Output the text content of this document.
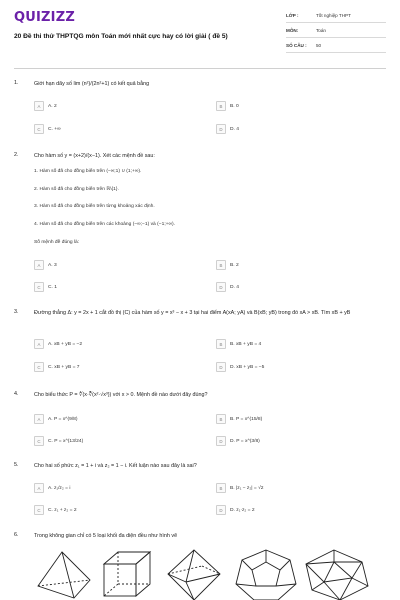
QUIZIZZ
20 Đề thi thử THPTQG môn Toán mới nhất cực hay có lời giải ( đề 5)
LỚP :	Tốt nghiệp THPT
MÔN:	Toán
SỐ CÂU :	50
1.	Giới hạn dãy số lim (n²)/(2n²+1) có kết quả bằng
A	A. 2	B	B. 0
C	C. +∞	D	D. 4
2.	Cho hàm số y = (x+2)/(x−1). Xét các mệnh đề sau:
1. Hàm số đã cho đồng biến trên (−∞;1) ∪ (1;+∞).
2. Hàm số đã cho đồng biến trên ℝ\{1}.
3. Hàm số đã cho đồng biến trên từng khoảng xác định.
4. Hàm số đã cho đồng biến trên các khoảng (−∞;−1) và (−1;+∞).
Số mệnh đề đúng là:
A	A. 3	B	B. 2
C	C. 1	D	D. 4
3.	Đường thẳng Δ: y = 2x + 1 cắt đồ thị (C) của hàm số y = x³ − x + 3 tại hai điểm A(xA; yA) và B(xB; yB) trong đó xA > xB. Tìm xB + yB
A	A. xB + yB = −2	B	B. xB + yB = 4
C	C. xB + yB = 7	D	D. xB + yB = −5
4.	Cho biểu thức P = ∜(x·∛(x²·√x³)) với x > 0. Mệnh đề nào dưới đây đúng?
A	A. P = x^(9/8)	B	B. P = x^(15/8)
C	C. P = x^(13/24)	D	D. P = x^(3/8)
5.	Cho hai số phức z₁ = 1 + i và z₂ = 1 − i. Kết luận nào sau đây là sai?
A	A. z₁/z₂ = i	B	B. |z₁ − z₂| = √2
C	C. z₁ + z₂ = 2	D	D. z₁·z₂ = 2
6.	Trong không gian chỉ có 5 loại khối đa diện đều như hình vẽ
